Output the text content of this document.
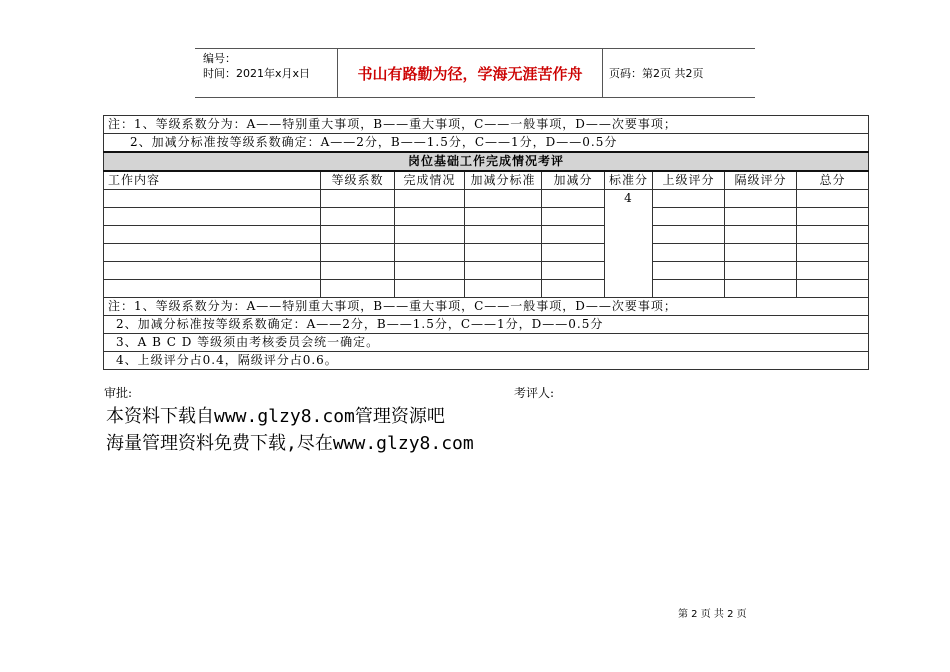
编号：
时间：2021年x月x日	书山有路勤为径，学海无涯苦作舟	页码：第2页 共2页
注：1、等级系数分为：A——特别重大事项，B——重大事项，C——一般事项，D——次要事项；								
2、加减分标准按等级系数确定：A——2分，B——1.5分，C——1分，D——0.5分								
岗位基础工作完成情况考评								
工作内容	等级系数	完成情况	加减分标准	加减分	标准分	上级评分	隔级评分	总分
					4			

注：1、等级系数分为：A——特别重大事项，B——重大事项，C——一般事项，D——次要事项；								
2、加减分标准按等级系数确定：A——2分，B——1.5分，C——1分，D——0.5分								
3、A B C D 等级须由考核委员会统一确定。								
4、上级评分占0.4，隔级评分占0.6。								
审批:	考评人:
本资料下载自www.glzy8.com管理资源吧
海量管理资料免费下载,尽在www.glzy8.com
第 2 页 共 2 页
